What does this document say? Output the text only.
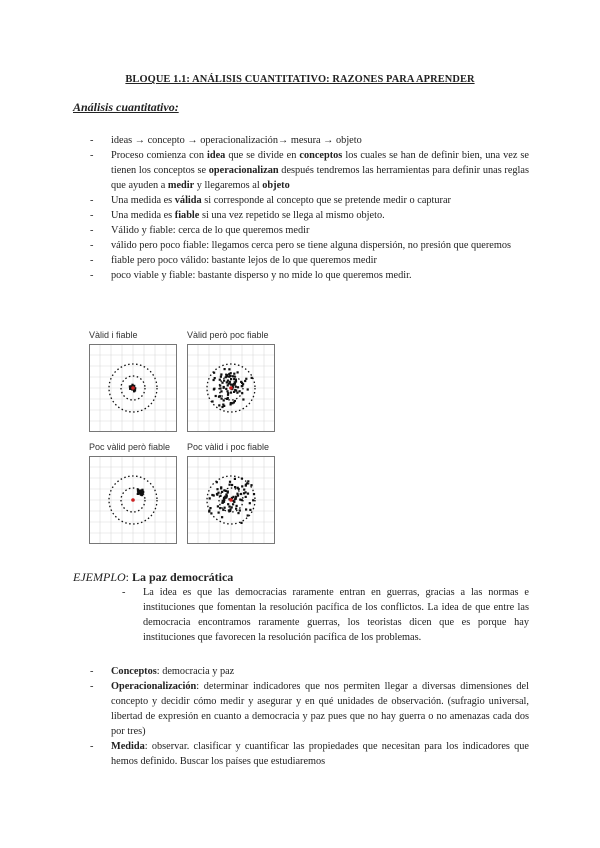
BLOQUE 1.1: ANÁLISIS CUANTITATIVO: RAZONES PARA APRENDER
Análisis cuantitativo:
- ideas → concepto → operacionalización→ mesura → objeto
- Proceso comienza con idea que se divide en conceptos los cuales se han de definir bien, una vez se tienen los conceptos se operacionalizan después tendremos las herramientas para definir unas reglas que ayuden a medir y llegaremos al objeto
- Una medida es válida si corresponde al concepto que se pretende medir o capturar
- Una medida es fiable si una vez repetido se llega al mismo objeto.
- Válido y fiable: cerca de lo que queremos medir
- válido pero poco fiable: llegamos cerca pero se tiene alguna dispersión, no presión que queremos
- fiable pero poco válido: bastante lejos de lo que queremos medir
- poco viable y fiable: bastante disperso y no mide lo que queremos medir.
Vàlid i fiable	Vàlid però poc fiable
Poc vàlid però fiable Poc vàlid i poc fiable
EJEMPLO: La paz democrática
- La idea es que las democracias raramente entran en guerras, gracias a las normas e instituciones que fomentan la resolución pacífica de los conflictos. La idea de que entre las democracia encontramos raramente guerras, los teoristas dicen que es porque hay instituciones que favorecen la resolución pacífica de los problemas.
- Conceptos: democracia y paz
- Operacionalización: determinar indicadores que nos permiten llegar a diversas dimensiones del concepto y decidir cómo medir y asegurar y en qué unidades de observación. (sufragio universal, libertad de expresión en cuanto a democracia y paz pues que no hay guerra o no amenazas cada dos por tres)
- Medida: observar. clasificar y cuantificar las propiedades que necesitan para los indicadores que hemos definido. Buscar los países que estudiaremos
